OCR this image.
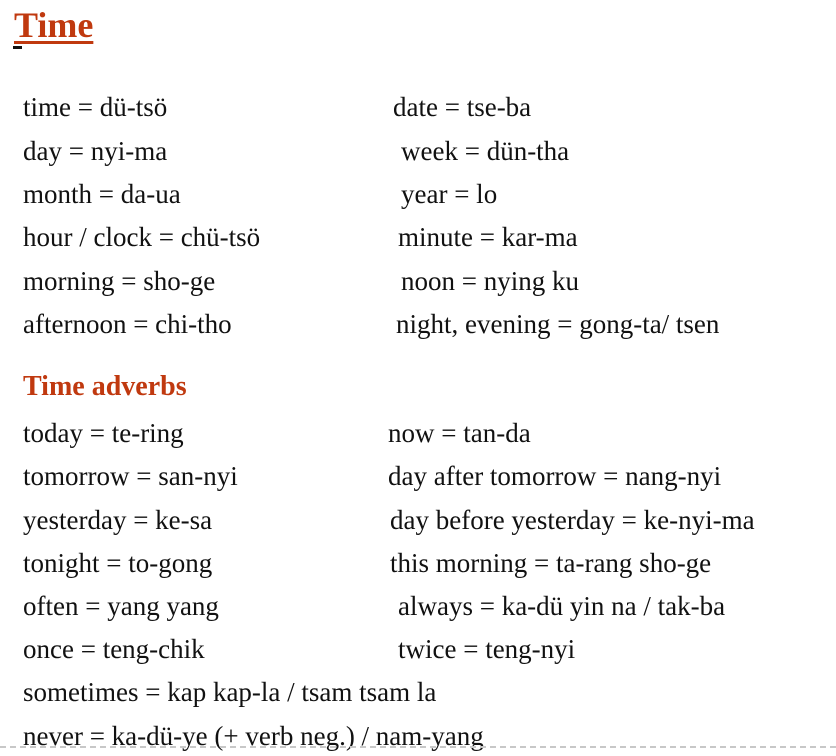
Time
time = dü-tsö	date = tse-ba
day = nyi-ma	week = dün-tha
month = da-ua	year = lo
hour / clock = chü-tsö	minute = kar-ma
morning = sho-ge	noon = nying ku
afternoon = chi-tho	night, evening = gong-ta/ tsen
Time adverbs
today = te-ring	now = tan-da
tomorrow = san-nyi	day after tomorrow = nang-nyi
yesterday = ke-sa	day before yesterday = ke-nyi-ma
tonight = to-gong	this morning = ta-rang sho-ge
often = yang yang	always = ka-dü yin na / tak-ba
once = teng-chik	twice = teng-nyi
sometimes = kap kap-la / tsam tsam la
never = ka-dü-ye (+ verb neg.) / nam-yang
